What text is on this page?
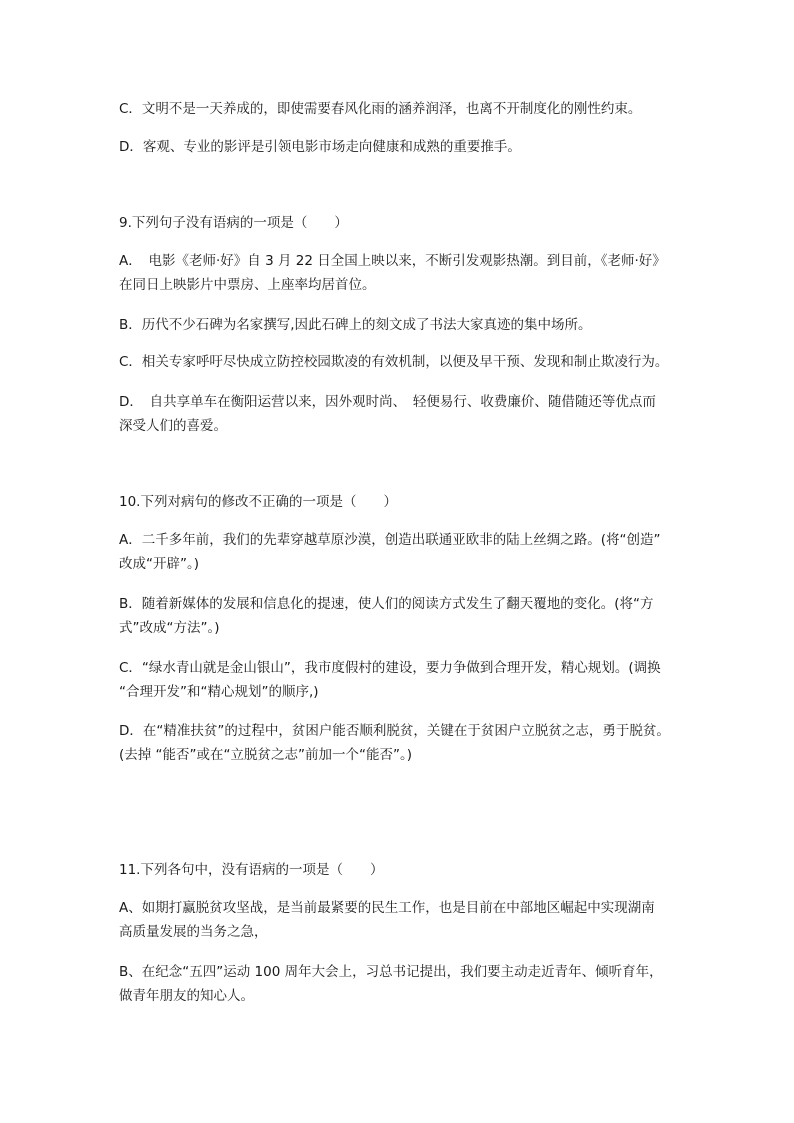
C．文明不是一天养成的，即使需要春风化雨的涵养润泽，也离不开制度化的刚性约束。
D．客观、专业的影评是引领电影市场走向健康和成熟的重要推手。
9.下列句子没有语病的一项是（　　）
A．　电影《老师·好》自 3 月 22 日全国上映以来，不断引发观影热潮。到目前，《老师·好》
在同日上映影片中票房、上座率均居首位。
B．历代不少石碑为名家撰写,因此石碑上的刻文成了书法大家真迹的集中场所。
C．相关专家呼吁尽快成立防控校园欺凌的有效机制，以便及早干预、发现和制止欺凌行为。
D．　自共享单车在衡阳运营以来，因外观时尚、　轻便易行、收费廉价、随借随还等优点而
深受人们的喜爱。
10.下列对病句的修改不正确的一项是（　　）
A．二千多年前，我们的先辈穿越草原沙漠，创造出联通亚欧非的陆上丝绸之路。(将“创造”
改成“开辟”。)
B．随着新媒体的发展和信息化的提速，使人们的阅读方式发生了翻天覆地的变化。(将“方
式”改成“方法”。)
C．“绿水青山就是金山银山”，我市度假村的建设，要力争做到合理开发，精心规划。(调换
“合理开发”和“精心规划”的顺序,)
D．在“精准扶贫”的过程中，贫困户能否顺利脱贫，关键在于贫困户立脱贫之志，勇于脱贫。
(去掉 “能否”或在“立脱贫之志”前加一个“能否”。)
11.下列各句中，没有语病的一项是（　　）
A、如期打赢脱贫攻坚战，是当前最紧要的民生工作，也是目前在中部地区崛起中实现湖南
高质量发展的当务之急，
B、在纪念“五四”运动 100 周年大会上，习总书记提出，我们要主动走近青年、倾听育年，
做青年朋友的知心人。
